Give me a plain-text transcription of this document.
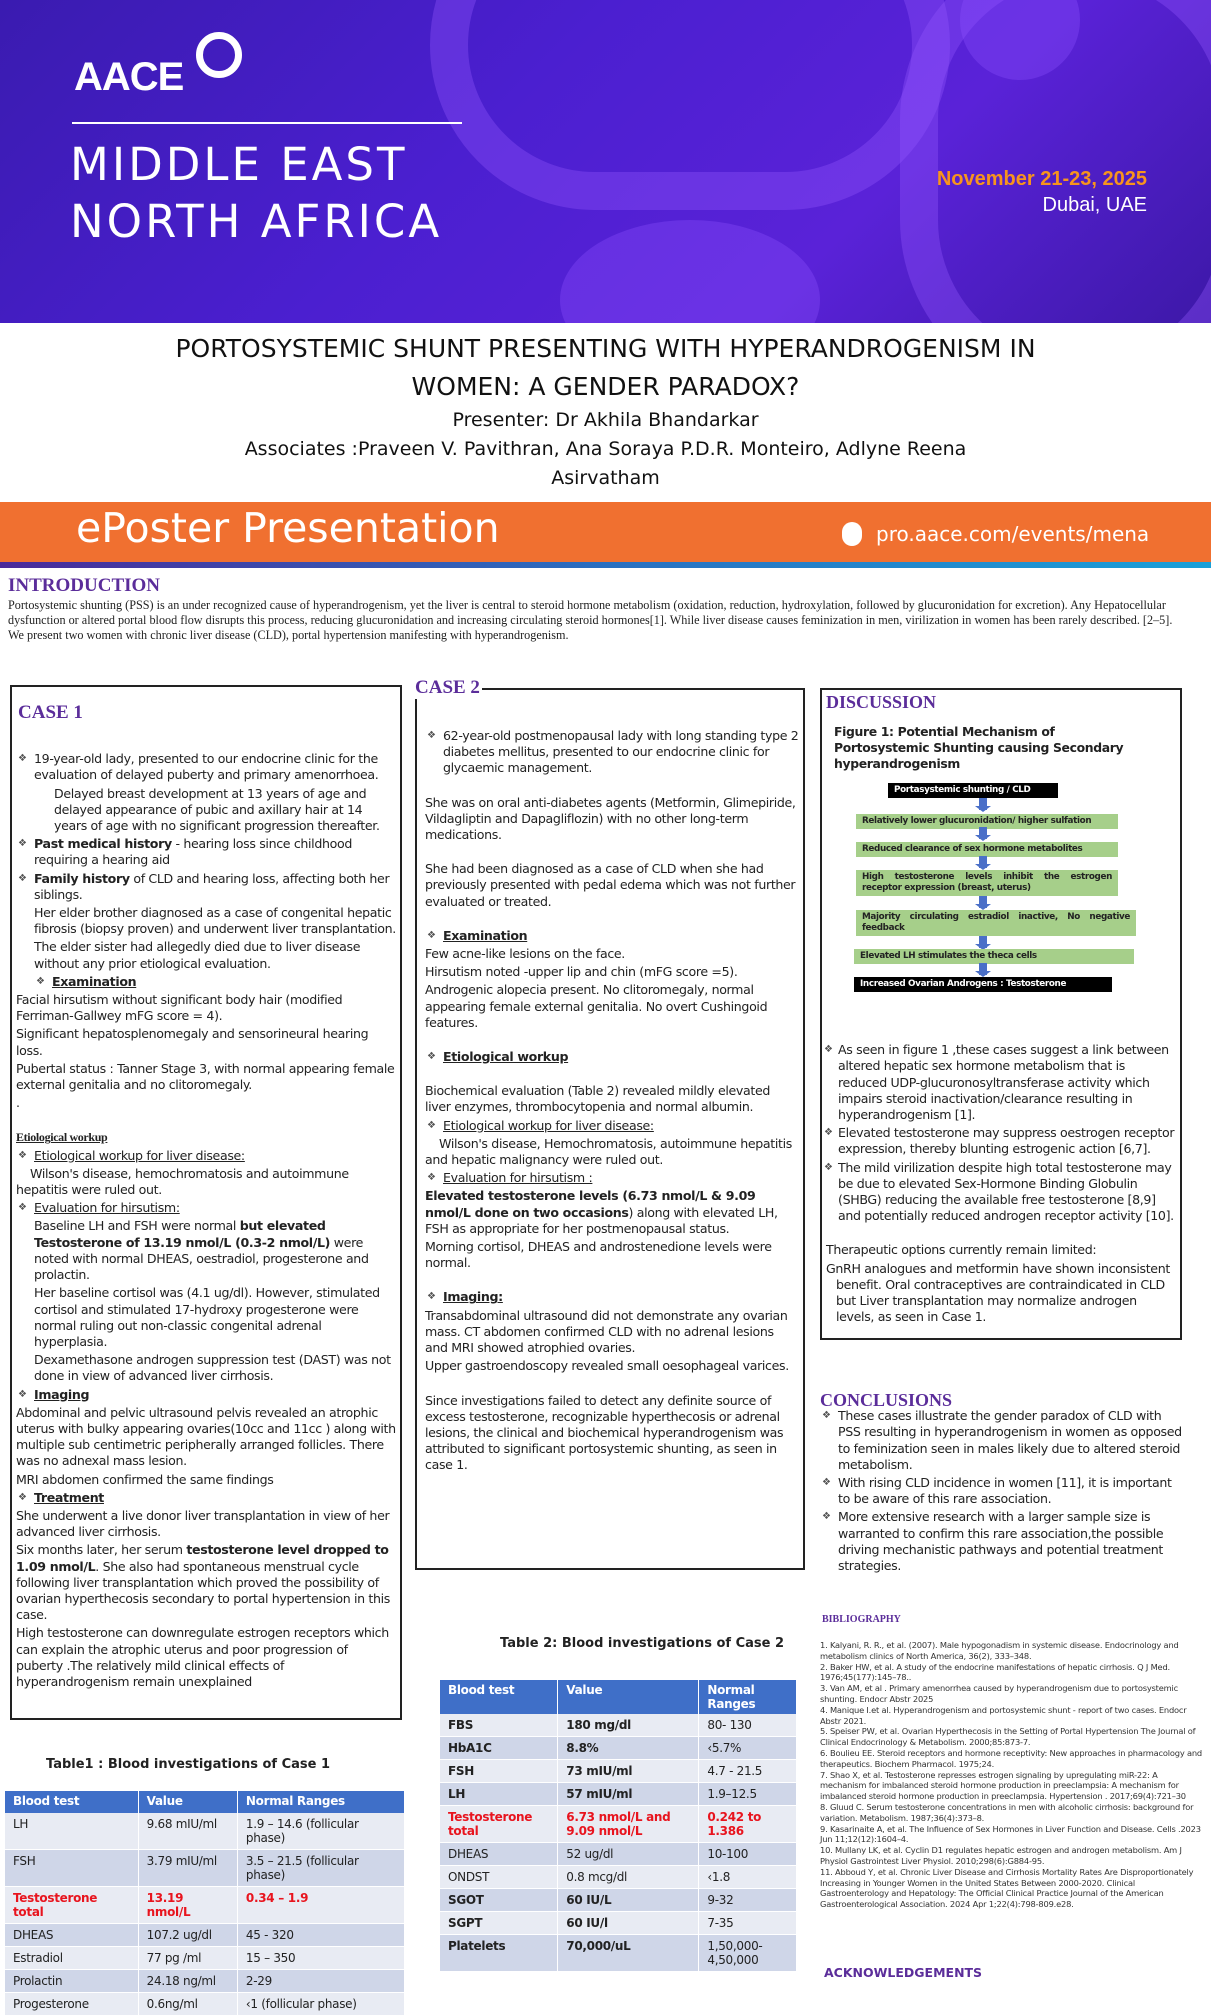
AACE
MIDDLE EAST
NORTH AFRICA
November 21-23, 2025
Dubai, UAE
PORTOSYSTEMIC SHUNT PRESENTING WITH HYPERANDROGENISM IN
WOMEN: A GENDER PARADOX?
Presenter: Dr Akhila Bhandarkar
Associates :Praveen V. Pavithran, Ana Soraya P.D.R. Monteiro, Adlyne Reena
Asirvatham
ePoster Presentation	pro.aace.com/events/mena
INTRODUCTION
Portosystemic shunting (PSS) is an under recognized cause of hyperandrogenism, yet the liver is central to steroid hormone metabolism (oxidation, reduction, hydroxylation, followed by glucuronidation for excretion). Any Hepatocellular dysfunction or altered portal blood flow disrupts this process, reducing glucuronidation and increasing circulating steroid hormones[1]. While liver disease causes feminization in men, virilization in women has been rarely described. [2–5].
We present two women with chronic liver disease (CLD), portal hypertension manifesting with hyperandrogenism.
CASE 1

❖ 19-year-old lady, presented to our endocrine clinic for the evaluation of delayed puberty and primary amenorrhoea.

Delayed breast development at 13 years of age and delayed appearance of pubic and axillary hair at 14 years of age with no significant progression thereafter.

❖ Past medical history - hearing loss since childhood requiring a hearing aid

❖ Family history of CLD and hearing loss, affecting both her siblings.

Her elder brother diagnosed as a case of congenital hepatic fibrosis (biopsy proven) and underwent liver transplantation.

The elder sister had allegedly died due to liver disease without any prior etiological evaluation.

❖ Examination

Facial hirsutism without significant body hair (modified Ferriman-Gallwey mFG score = 4).

Significant hepatosplenomegaly and sensorineural hearing loss.

Pubertal status : Tanner Stage 3, with normal appearing female external genitalia and no clitoromegaly.

.

Etiological workup

❖ Etiological workup for liver disease:

Wilson's disease, hemochromatosis and autoimmune hepatitis were ruled out.

❖ Evaluation for hirsutism:

Baseline LH and FSH were normal but elevated Testosterone of 13.19 nmol/L (0.3-2 nmol/L) were noted with normal DHEAS, oestradiol, progesterone and prolactin.

Her baseline cortisol was (4.1 ug/dl). However, stimulated cortisol and stimulated 17-hydroxy progesterone were normal ruling out non-classic congenital adrenal hyperplasia.

Dexamethasone androgen suppression test (DAST) was not done in view of advanced liver cirrhosis.

❖ Imaging

Abdominal and pelvic ultrasound pelvis revealed an atrophic uterus with bulky appearing ovaries(10cc and 11cc ) along with multiple sub centimetric peripherally arranged follicles. There was no adnexal mass lesion.

MRI abdomen confirmed the same findings

❖ Treatment

She underwent a live donor liver transplantation in view of her advanced liver cirrhosis.

Six months later, her serum testosterone level dropped to 1.09 nmol/L. She also had spontaneous menstrual cycle following liver transplantation which proved the possibility of ovarian hyperthecosis secondary to portal hypertension in this case.

High testosterone can downregulate estrogen receptors which can explain the atrophic uterus and poor progression of puberty .The relatively mild clinical effects of hyperandrogenism remain unexplained

Table1 : Blood investigations of Case 1
Blood test	Value	Normal Ranges
LH	9.68 mIU/ml	1.9 – 14.6 (follicular phase)
FSH	3.79 mIU/ml	3.5 – 21.5 (follicular phase)
Testosterone total	13.19 nmol/L	0.34 – 1.9
DHEAS	107.2 ug/dl	45 - 320
Estradiol	77 pg /ml	15 – 350
Prolactin	24.18 ng/ml	2-29
Progesterone	0.6ng/ml	‹1 (follicular phase)
CASE 2

❖ 62-year-old postmenopausal lady with long standing type 2 diabetes mellitus, presented to our endocrine clinic for glycaemic management.

She was on oral anti-diabetes agents (Metformin, Glimepiride, Vildagliptin and Dapagliflozin) with no other long-term medications.

She had been diagnosed as a case of CLD when she had previously presented with pedal edema which was not further evaluated or treated.

❖ Examination

Few acne-like lesions on the face.

Hirsutism noted -upper lip and chin (mFG score =5).

Androgenic alopecia present. No clitoromegaly, normal appearing female external genitalia. No overt Cushingoid features.

❖ Etiological workup

Biochemical evaluation (Table 2) revealed mildly elevated liver enzymes, thrombocytopenia and normal albumin.

❖ Etiological workup for liver disease:

Wilson's disease, Hemochromatosis, autoimmune hepatitis and hepatic malignancy were ruled out.

❖ Evaluation for hirsutism :

Elevated testosterone levels (6.73 nmol/L & 9.09 nmol/L done on two occasions) along with elevated LH, FSH as appropriate for her postmenopausal status.

Morning cortisol, DHEAS and androstenedione levels were normal.

❖ Imaging:

Transabdominal ultrasound did not demonstrate any ovarian mass. CT abdomen confirmed CLD with no adrenal lesions and MRI showed atrophied ovaries.

Upper gastroendoscopy revealed small oesophageal varices.

Since investigations failed to detect any definite source of excess testosterone, recognizable hyperthecosis or adrenal lesions, the clinical and biochemical hyperandrogenism was attributed to significant portosystemic shunting, as seen in case 1.

Table 2: Blood investigations of Case 2
Blood test	Value	Normal Ranges
FBS	180 mg/dl	80- 130
HbA1C	8.8%	‹5.7%
FSH	73 mIU/ml	4.7 - 21.5
LH	57 mIU/ml	1.9–12.5
Testosterone total	6.73 nmol/L and 9.09 nmol/L	0.242 to 1.386
DHEAS	52 ug/dl	10-100
ONDST	0.8 mcg/dl	‹1.8
SGOT	60 IU/L	9-32
SGPT	60 IU/l	7-35
Platelets	70,000/uL	1,50,000-4,50,000
DISCUSSION
Figure 1: Potential Mechanism of Portosystemic Shunting causing Secondary hyperandrogenism
Portasystemic shunting / CLD
Relatively lower glucuronidation/ higher sulfation
Reduced clearance of sex hormone metabolites
High testosterone levels inhibit the estrogen receptor expression (breast, uterus)
Majority circulating estradiol inactive, No negative feedback
Elevated LH stimulates the theca cells
Increased Ovarian Androgens : Testosterone

❖ As seen in figure 1 ,these cases suggest a link between altered hepatic sex hormone metabolism that is reduced UDP-glucuronosyltransferase activity which impairs steroid inactivation/clearance resulting in hyperandrogenism [1].

❖ Elevated testosterone may suppress oestrogen receptor expression, thereby blunting estrogenic action [6,7].

❖ The mild virilization despite high total testosterone may be due to elevated Sex-Hormone Binding Globulin (SHBG) reducing the available free testosterone [8,9] and potentially reduced androgen receptor activity [10].

Therapeutic options currently remain limited:

GnRH analogues and metformin have shown inconsistent benefit. Oral contraceptives are contraindicated in CLD but Liver transplantation may normalize androgen levels, as seen in Case 1.

CONCLUSIONS

❖ These cases illustrate the gender paradox of CLD with PSS resulting in hyperandrogenism in women as opposed to feminization seen in males likely due to altered steroid metabolism.

❖ With rising CLD incidence in women [11], it is important to be aware of this rare association.

❖ More extensive research with a larger sample size is warranted to confirm this rare association,the possible driving mechanistic pathways and potential treatment strategies.

BIBLIOGRAPHY
1. Kalyani, R. R., et al. (2007). Male hypogonadism in systemic disease. Endocrinology and metabolism clinics of North America, 36(2), 333–348.
2. Baker HW, et al. A study of the endocrine manifestations of hepatic cirrhosis. Q J Med. 1976;45(177):145–78..
3. Van AM, et al . Primary amenorrhea caused by hyperandrogenism due to portosystemic shunting. Endocr Abstr 2025
4. Manique I.et al. Hyperandrogenism and portosystemic shunt - report of two cases. Endocr Abstr 2021.
5. Speiser PW, et al. Ovarian Hyperthecosis in the Setting of Portal Hypertension The Journal of Clinical Endocrinology & Metabolism. 2000;85:873-7.
6. Boulieu EE. Steroid receptors and hormone receptivity: New approaches in pharmacology and therapeutics. Biochem Pharmacol. 1975;24.
7. Shao X, et al. Testosterone represses estrogen signaling by upregulating miR-22: A mechanism for imbalanced steroid hormone production in preeclampsia: A mechanism for imbalanced steroid hormone production in preeclampsia. Hypertension . 2017;69(4):721–30
8. Gluud C. Serum testosterone concentrations in men with alcoholic cirrhosis: background for variation. Metabolism. 1987;36(4):373–8.
9. Kasarinaite A, et al. The Influence of Sex Hormones in Liver Function and Disease. Cells .2023 Jun 11;12(12):1604–4.
10. Mullany LK, et al. Cyclin D1 regulates hepatic estrogen and androgen metabolism. Am J Physiol Gastrointest Liver Physiol. 2010;298(6):G884-95.
11. Abboud Y, et al. Chronic Liver Disease and Cirrhosis Mortality Rates Are Disproportionately Increasing in Younger Women in the United States Between 2000-2020. Clinical Gastroenterology and Hepatology: The Official Clinical Practice Journal of the American Gastroenterological Association. 2024 Apr 1;22(4):798-809.e28.
ACKNOWLEDGEMENTS
